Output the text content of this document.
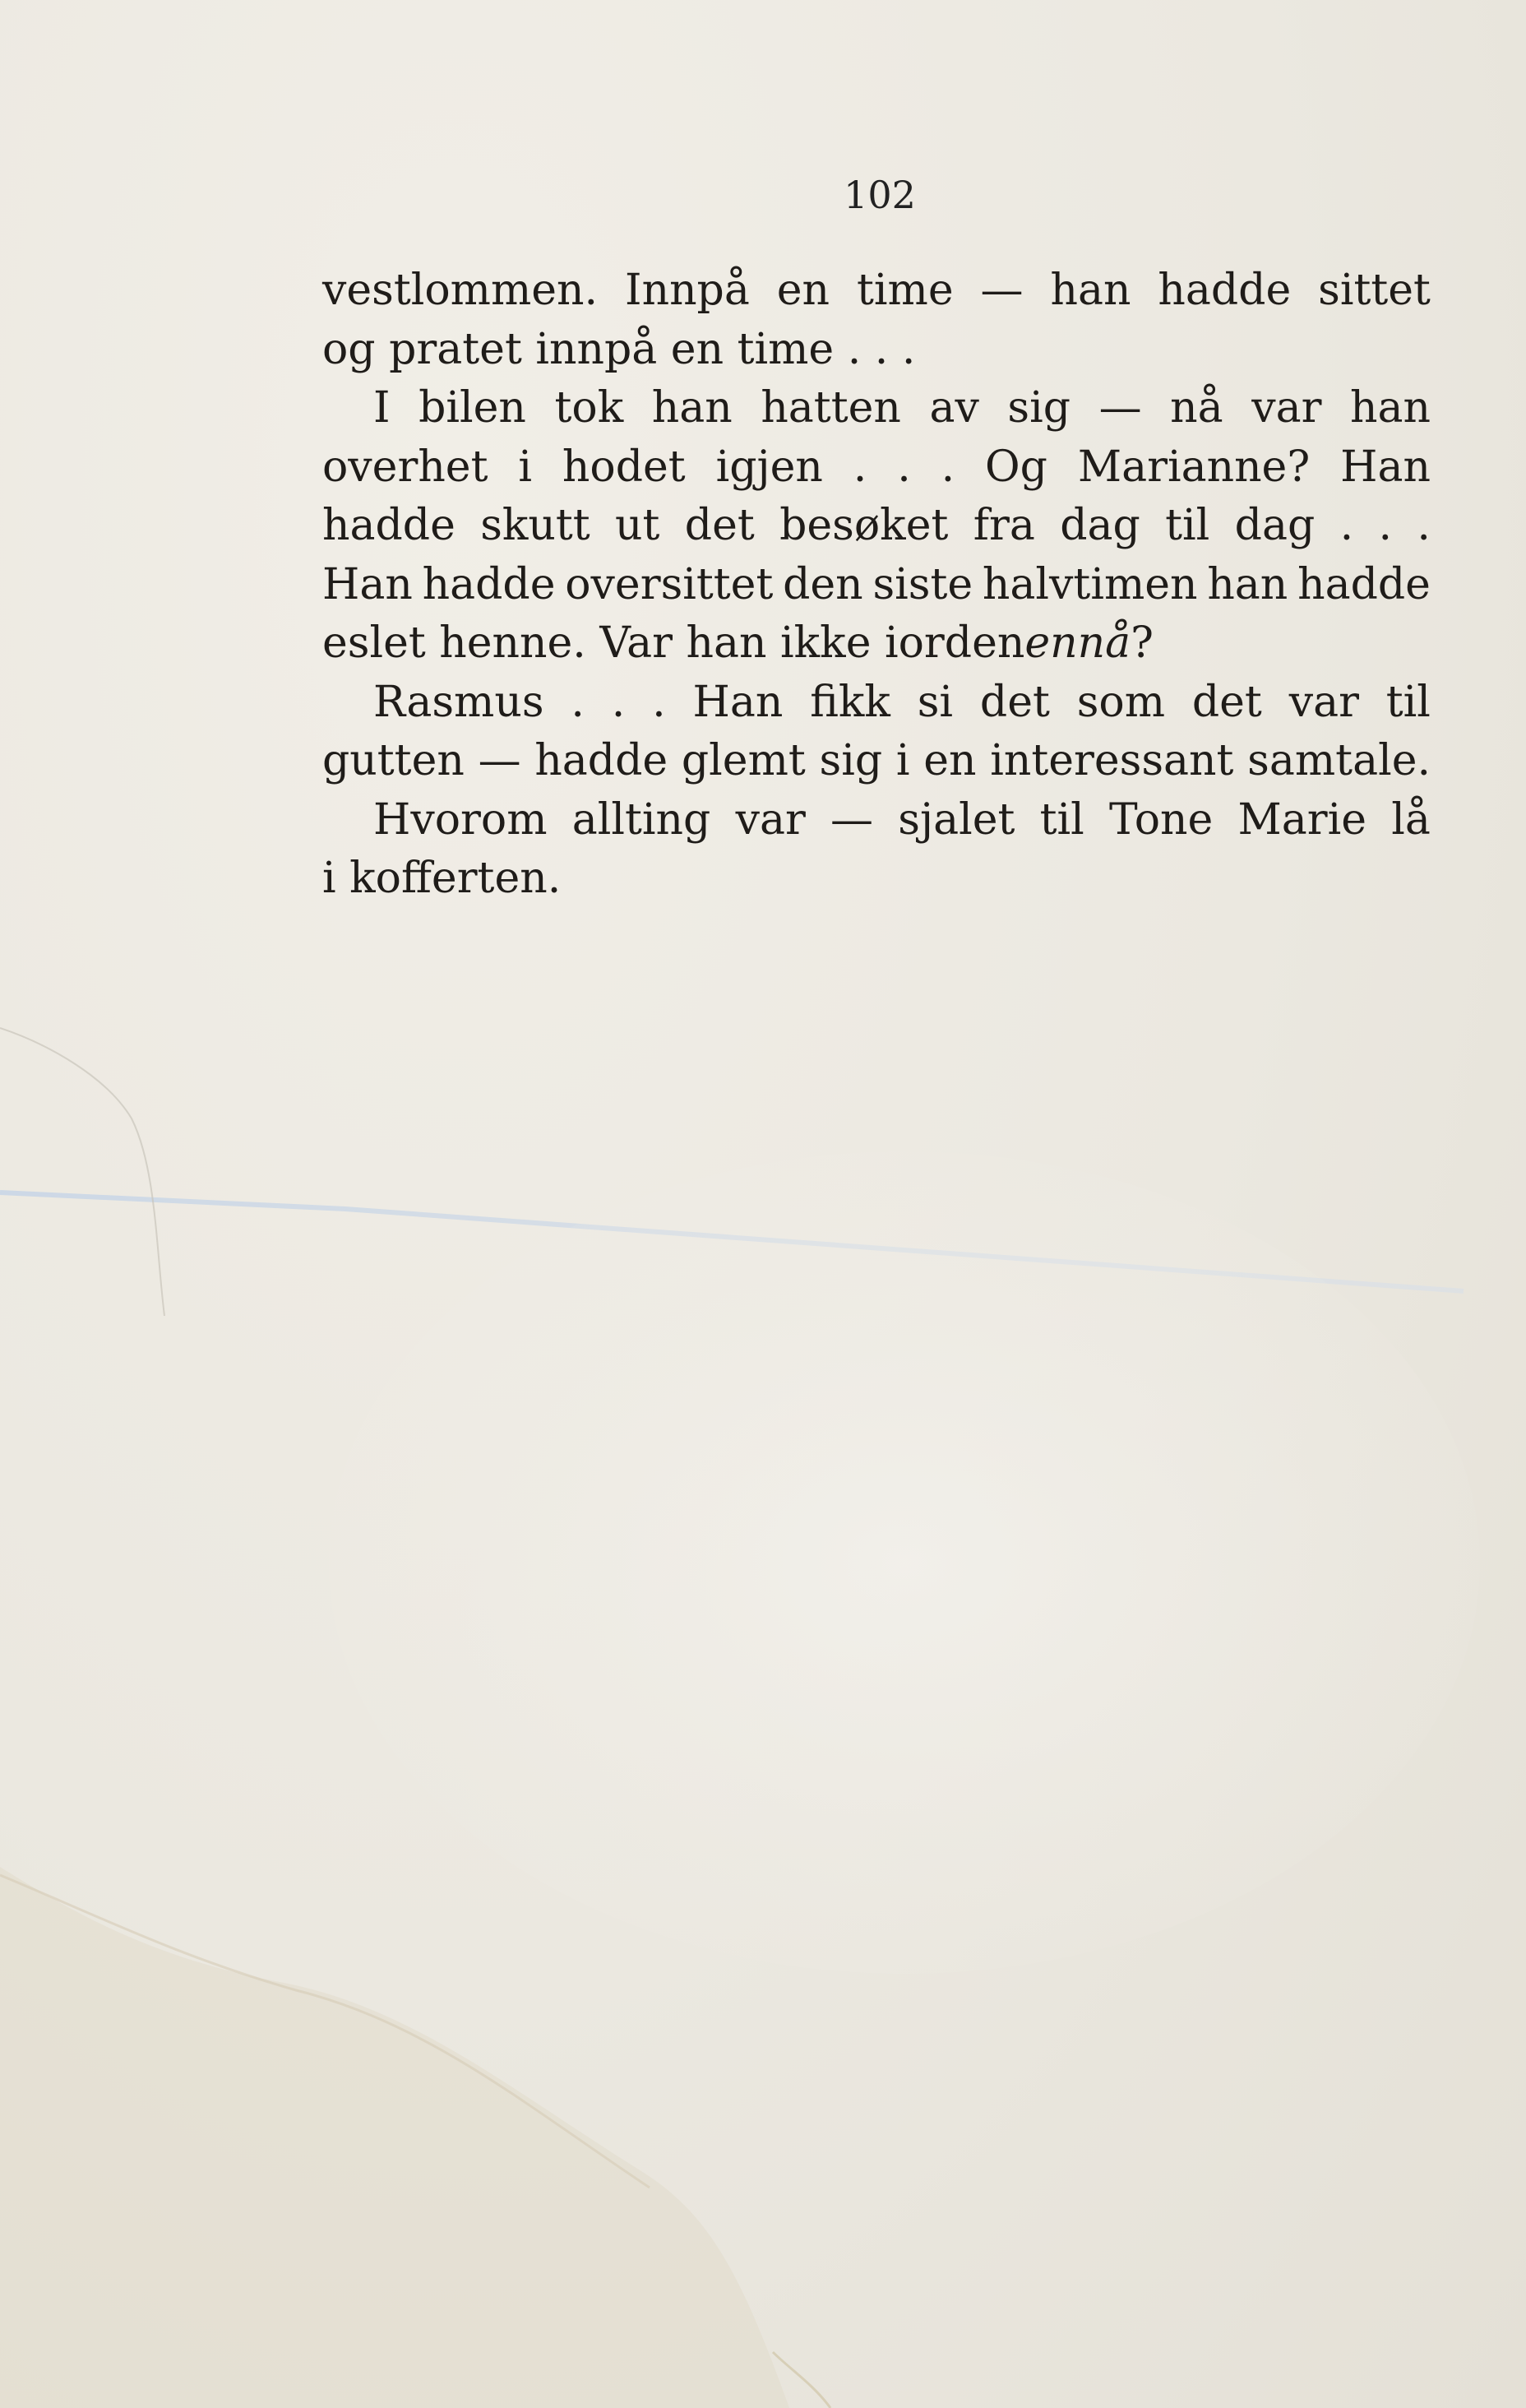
102
vestlommen. Innpå en time — han hadde sittet
og pratet innpå en time . . .
I bilen tok han hatten av sig — nå var han
overhet i hodet igjen . . . Og Marianne? Han
hadde skutt ut det besøket fra dag til dag . . .
Han hadde oversittet den siste halvtimen han hadde
eslet henne. Var han ikke iorden ennå ?
Rasmus . . . Han fikk si det som det var til
gutten — hadde glemt sig i en interessant samtale.
Hvorom allting var — sjalet til Tone Marie lå
i kofferten.
